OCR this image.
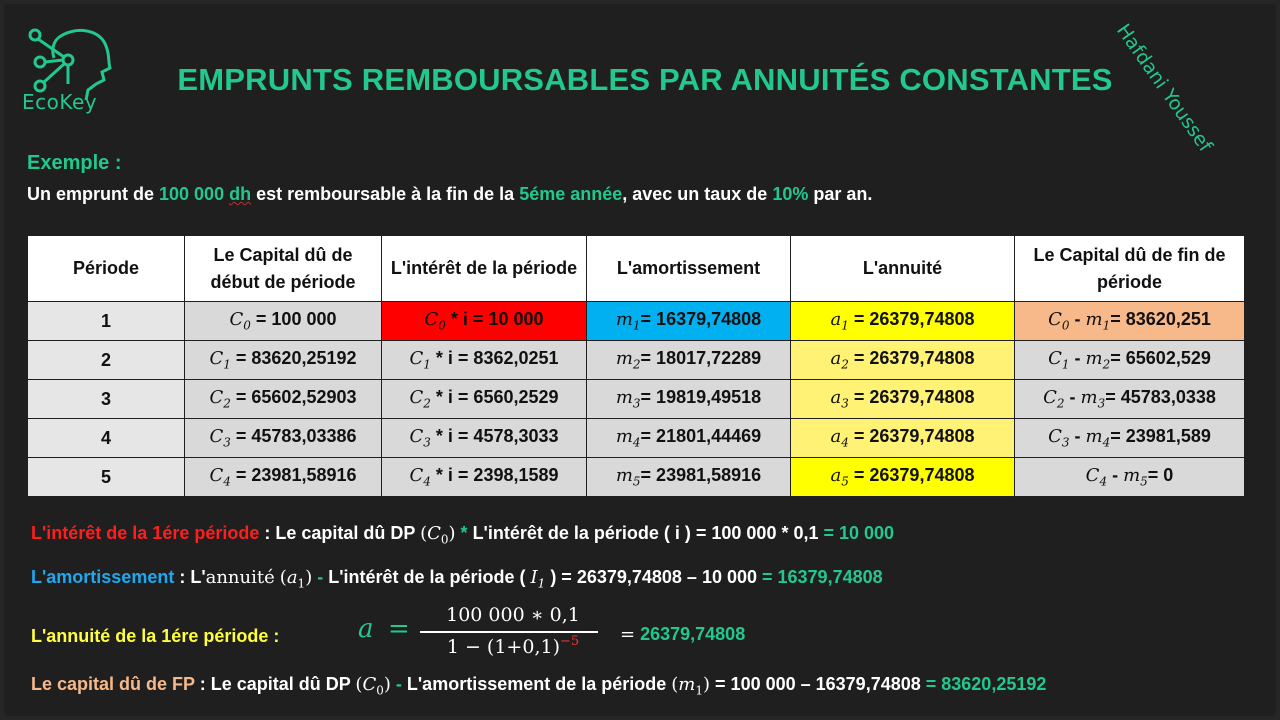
EcoKey	Hafdani Youssef
EMPRUNTS REMBOURSABLES PAR ANNUITÉS CONSTANTES
Exemple :
Un emprunt de 100 000 dh est remboursable à la fin de la 5éme année, avec un taux de 10% par an.
Période	Le Capital dû de début de période	L'intérêt de la période	L'amortissement	L'annuité	Le Capital dû de fin de période
1	$C_0 = 100$ 000	$C_0 * i = 10$ 000	$m_1= 16379,74808$	$a_1 = 26379,74808$	$C_0 - m_1= 83620,251$
2	$C_1 = 83620,25192$	$C_1 * i = 8362,0251$	$m_2= 18017,72289$	$a_2 = 26379,74808$	$C_1 - m_2= 65602,529$
3	$C_2 = 65602,52903$	$C_2 * i = 6560,2529$	$m_3= 19819,49518$	$a_3 = 26379,74808$	$C_2 - m_3= 45783,0338$
4	$C_3 = 45783,03386$	$C_3 * i = 4578,3033$	$m_4= 21801,44469$	$a_4 = 26379,74808$	$C_3 - m_4= 23981,589$
5	$C_4 = 23981,58916$	$C_4 * i = 2398,1589$	$m_5= 23981,58916$	$a_5 = 26379,74808$	$C_4 - m_5= 0$
L'intérêt de la 1ére période : Le capital dû DP $(C_0)$ * L'intérêt de la période ( i ) = 100 000 * 0,1 = 10 000
L'amortissement : L'annuité $(a_1)$ - L'intérêt de la période ( $I_1$ ) = 26379,74808 – 10 000 = 16379,74808
L'annuité de la 1ére période :	a =	100 000 ∗ 0,1
$1 - (1+0,1)^{-5}$	= 26379,74808
Le capital dû de FP : Le capital dû DP $(C_0)$ - L'amortissement de la période $(m_1) = 100$ 000 – 16379,74808 = 83620,25192
